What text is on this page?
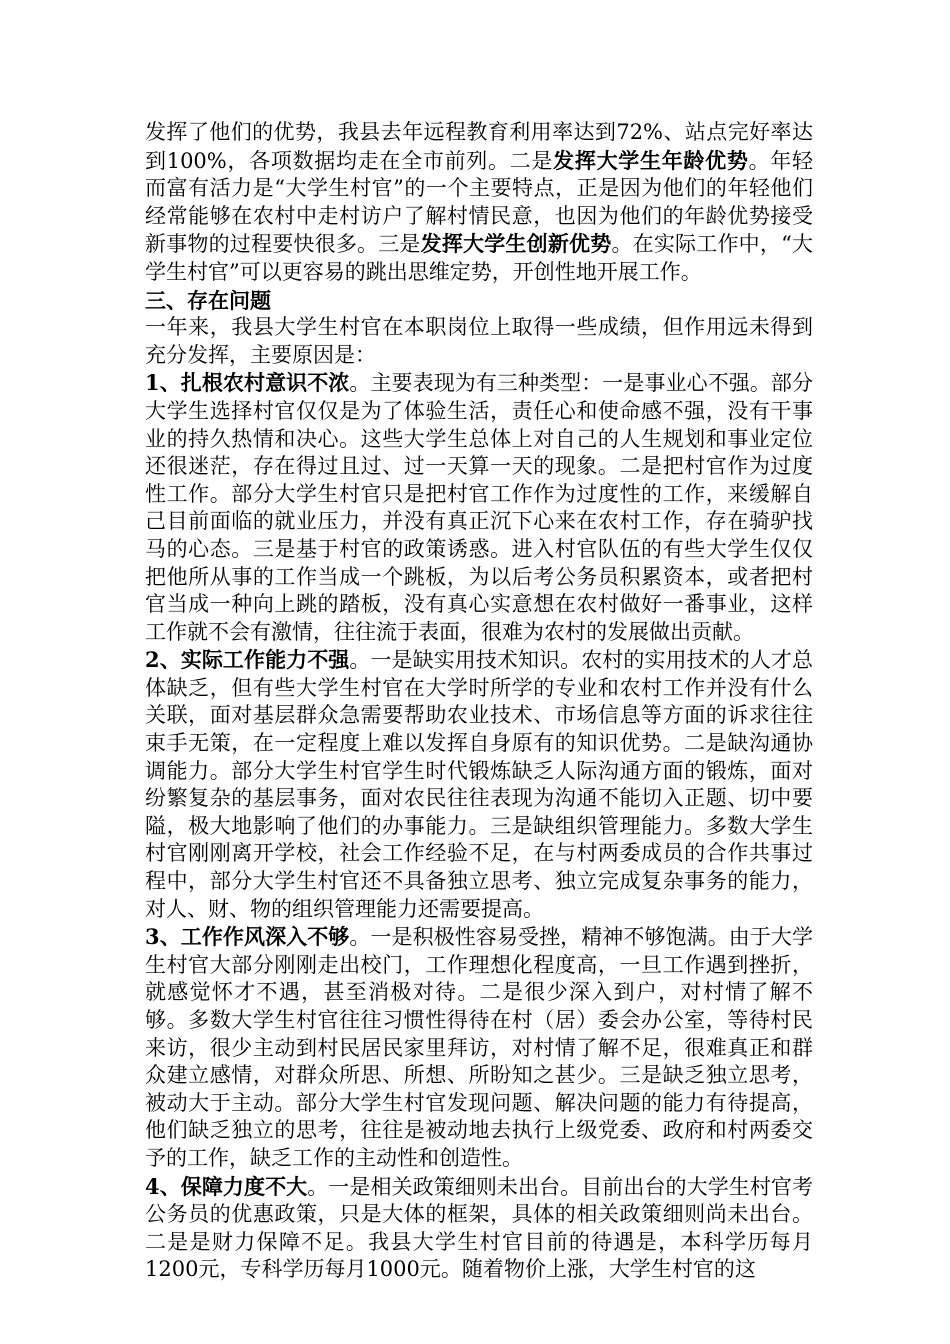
发挥了他们的优势，我县去年远程教育利用率达到72%、站点完好率达到100%，各项数据均走在全市前列。二是发挥大学生年龄优势。年轻而富有活力是“大学生村官”的一个主要特点，正是因为他们的年轻他们经常能够在农村中走村访户了解村情民意，也因为他们的年龄优势接受新事物的过程要快很多。三是发挥大学生创新优势。在实际工作中，“大学生村官”可以更容易的跳出思维定势，开创性地开展工作。

三、存在问题

一年来，我县大学生村官在本职岗位上取得一些成绩，但作用远未得到充分发挥，主要原因是：

1、扎根农村意识不浓。主要表现为有三种类型：一是事业心不强。部分大学生选择村官仅仅是为了体验生活，责任心和使命感不强，没有干事业的持久热情和决心。这些大学生总体上对自己的人生规划和事业定位还很迷茫，存在得过且过、过一天算一天的现象。二是把村官作为过度性工作。部分大学生村官只是把村官工作作为过度性的工作，来缓解自己目前面临的就业压力，并没有真正沉下心来在农村工作，存在骑驴找马的心态。三是基于村官的政策诱惑。进入村官队伍的有些大学生仅仅把他所从事的工作当成一个跳板，为以后考公务员积累资本，或者把村官当成一种向上跳的踏板，没有真心实意想在农村做好一番事业，这样工作就不会有激情，往往流于表面，很难为农村的发展做出贡献。

2、实际工作能力不强。一是缺实用技术知识。农村的实用技术的人才总体缺乏，但有些大学生村官在大学时所学的专业和农村工作并没有什么关联，面对基层群众急需要帮助农业技术、市场信息等方面的诉求往往束手无策，在一定程度上难以发挥自身原有的知识优势。二是缺沟通协调能力。部分大学生村官学生时代锻炼缺乏人际沟通方面的锻炼，面对纷繁复杂的基层事务，面对农民往往表现为沟通不能切入正题、切中要隘，极大地影响了他们的办事能力。三是缺组织管理能力。多数大学生村官刚刚离开学校，社会工作经验不足，在与村两委成员的合作共事过程中，部分大学生村官还不具备独立思考、独立完成复杂事务的能力，对人、财、物的组织管理能力还需要提高。

3、工作作风深入不够。一是积极性容易受挫，精神不够饱满。由于大学生村官大部分刚刚走出校门，工作理想化程度高，一旦工作遇到挫折，就感觉怀才不遇，甚至消极对待。二是很少深入到户，对村情了解不够。多数大学生村官往往习惯性得待在村（居）委会办公室，等待村民来访，很少主动到村民居民家里拜访，对村情了解不足，很难真正和群众建立感情，对群众所思、所想、所盼知之甚少。三是缺乏独立思考，被动大于主动。部分大学生村官发现问题、解决问题的能力有待提高，他们缺乏独立的思考，往往是被动地去执行上级党委、政府和村两委交予的工作，缺乏工作的主动性和创造性。

4、保障力度不大。一是相关政策细则未出台。目前出台的大学生村官考公务员的优惠政策，只是大体的框架，具体的相关政策细则尚未出台。二是是财力保障不足。我县大学生村官目前的待遇是，本科学历每月1200元，专科学历每月1000元。随着物价上涨，大学生村官的这
